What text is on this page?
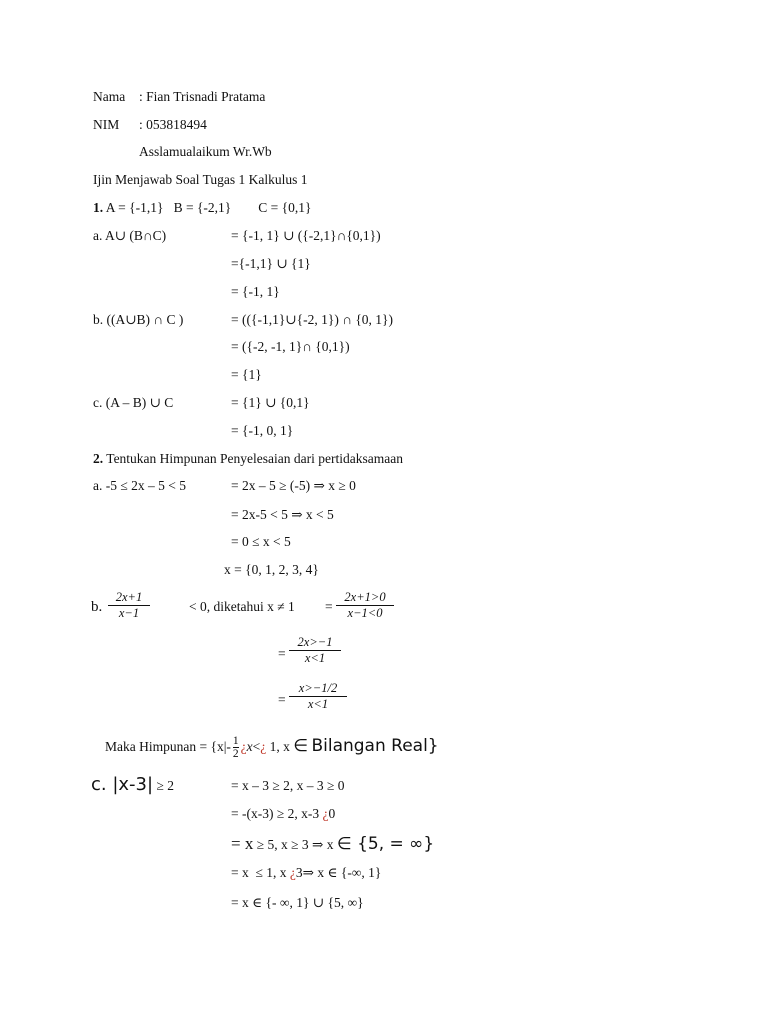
Nama : Fian Trisnadi Pratama
NIM : 053818494
Asslamualaikum Wr.Wb
Ijin Menjawab Soal Tugas 1 Kalkulus 1
1. A = {-1,1}   B = {-2,1}        C = {0,1}
a. A∪ (B∩C)	= {-1, 1} ∪ ({-2,1}∩{0,1})
={-1,1} ∪ {1}
= {-1, 1}
b. ((A∪B) ∩ C )	= (({-1,1}∪{-2, 1}) ∩ {0, 1})
= ({-2, -1, 1}∩ {0,1})
= {1}
c. (A – B) ∪ C	= {1} ∪ {0,1}
= {-1, 0, 1}
2. Tentukan Himpunan Penyelesaian dari pertidaksamaan
a. -5 ≤ 2x – 5 < 5	= 2x – 5 ≥ (-5) ⇒ x ≥ 0
= 2x-5 < 5 ⇒ x < 5
= 0 ≤ x < 5
x = {0, 1, 2, 3, 4}
b. $\frac{2x+1}{x-1}$	< 0, diketahui $x \ne 1 = \frac{2x+1>0}{x-1<0}$
= $\frac{2x>-1}{x<1}$
= $\frac{x>-1/2}{x<1}$
Maka Himpunan = {$x|- \frac{1}{2}$ ¿x<¿ 1, x ∈ Bilangan Real}
c. |x-3| ≥ 2	= x – 3 ≥ 2, x – 3 ≥ 0
= -(x-3) ≥ 2, x-3 ¿0
= x ≥ 5, x ≥ 3 ⇒ x ∈ {5, = ∞}
= x  ≤ 1, x ¿3⇒ x ∈ {-∞, 1}
= x ∈ {- ∞, 1} ∪ {5, ∞}
